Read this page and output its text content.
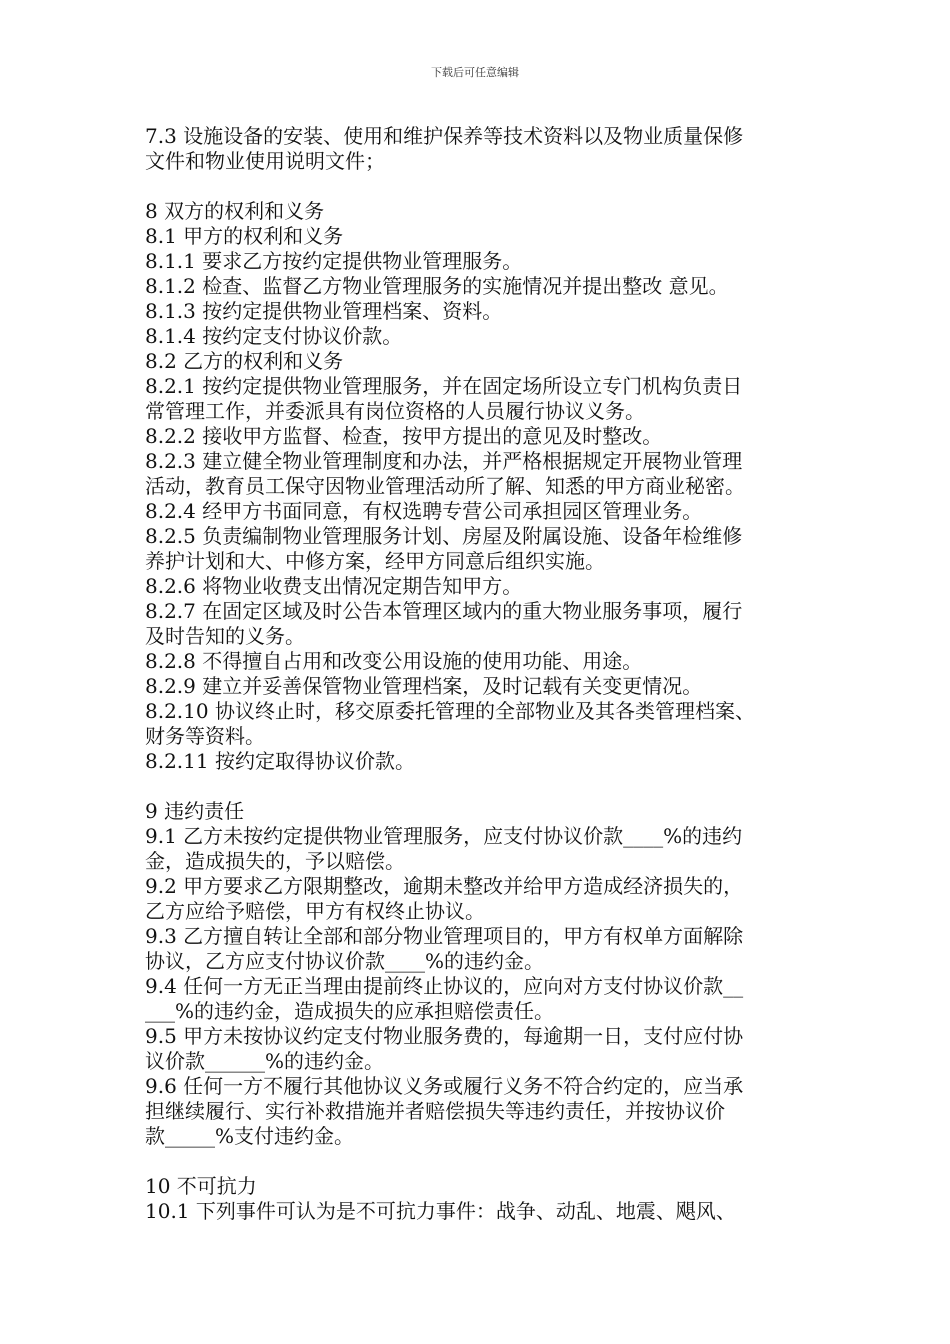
下载后可任意编辑
7.3 设施设备的安装、使用和维护保养等技术资料以及物业质量保修
文件和物业使用说明文件；
8 双方的权利和义务
8.1 甲方的权利和义务
8.1.1 要求乙方按约定提供物业管理服务。
8.1.2 检查、监督乙方物业管理服务的实施情况并提出整改 意见。
8.1.3 按约定提供物业管理档案、资料。
8.1.4 按约定支付协议价款。
8.2 乙方的权利和义务
8.2.1 按约定提供物业管理服务，并在固定场所设立专门机构负责日
常管理工作，并委派具有岗位资格的人员履行协议义务。
8.2.2 接收甲方监督、检查，按甲方提出的意见及时整改。
8.2.3 建立健全物业管理制度和办法，并严格根据规定开展物业管理
活动，教育员工保守因物业管理活动所了解、知悉的甲方商业秘密。
8.2.4 经甲方书面同意，有权选聘专营公司承担园区管理业务。
8.2.5 负责编制物业管理服务计划、房屋及附属设施、设备年检维修
养护计划和大、中修方案，经甲方同意后组织实施。
8.2.6 将物业收费支出情况定期告知甲方。
8.2.7 在固定区域及时公告本管理区域内的重大物业服务事项，履行
及时告知的义务。
8.2.8 不得擅自占用和改变公用设施的使用功能、用途。
8.2.9 建立并妥善保管物业管理档案，及时记载有关变更情况。
8.2.10 协议终止时，移交原委托管理的全部物业及其各类管理档案、
财务等资料。
8.2.11 按约定取得协议价款。
9 违约责任
9.1 乙方未按约定提供物业管理服务，应支付协议价款____%的违约
金，造成损失的，予以赔偿。
9.2 甲方要求乙方限期整改，逾期未整改并给甲方造成经济损失的，
乙方应给予赔偿，甲方有权终止协议。
9.3 乙方擅自转让全部和部分物业管理项目的，甲方有权单方面解除
协议，乙方应支付协议价款____%的违约金。
9.4 任何一方无正当理由提前终止协议的，应向对方支付协议价款__
___%的违约金，造成损失的应承担赔偿责任。
9.5 甲方未按协议约定支付物业服务费的，每逾期一日，支付应付协
议价款______%的违约金。
9.6 任何一方不履行其他协议义务或履行义务不符合约定的，应当承
担继续履行、实行补救措施并者赔偿损失等违约责任，并按协议价
款_____%支付违约金。
10 不可抗力
10.1 下列事件可认为是不可抗力事件：战争、动乱、地震、飓风、
